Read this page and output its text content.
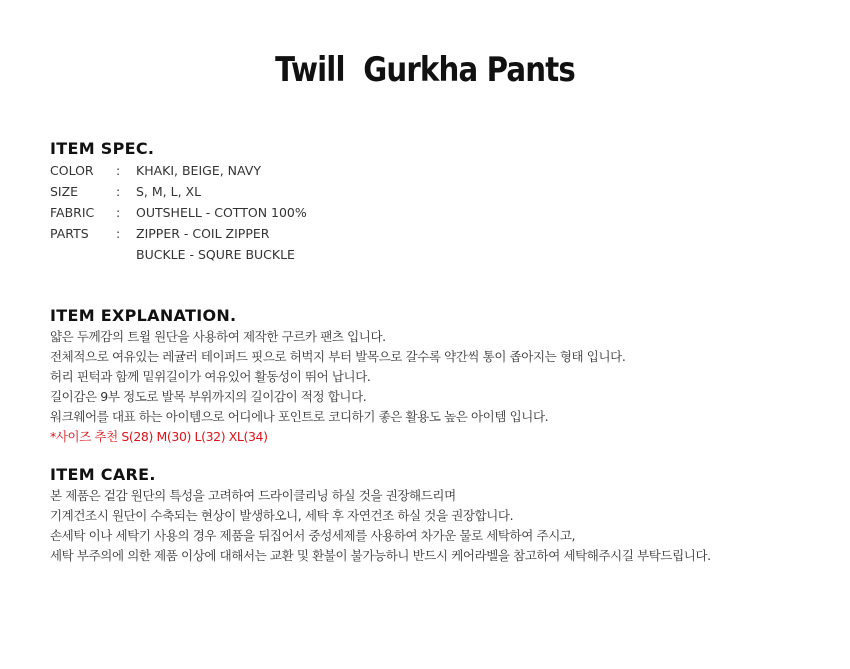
Twill  Gurkha Pants
ITEM SPEC.
COLOR	:	KHAKI, BEIGE, NAVY
SIZE	:	S, M, L, XL
FABRIC	:	OUTSHELL - COTTON 100%
PARTS	:	ZIPPER - COIL ZIPPER
BUCKLE - SQURE BUCKLE
ITEM EXPLANATION.
얇은 두께감의 트윌 원단을 사용하여 제작한 구르카 팬츠 입니다.
전체적으로 여유있는 레귤러 테이퍼드 핏으로 허벅지 부터 발목으로 갈수록 약간씩 통이 좁아지는 형태 입니다.
허리 핀턱과 함께 밑위길이가 여유있어 활동성이 뛰어 납니다.
길이감은 9부 정도로 발목 부위까지의 길이감이 적정 합니다.
워크웨어를 대표 하는 아이템으로 어디에나 포인트로 코디하기 좋은 활용도 높은 아이템 입니다.
*사이즈 추천 S(28) M(30) L(32) XL(34)
ITEM CARE.
본 제품은 겉감 원단의 특성을 고려하여 드라이클리닝 하실 것을 권장해드리며
기계건조시 원단이 수축되는 현상이 발생하오니, 세탁 후 자연건조 하실 것을 권장합니다.
손세탁 이나 세탁기 사용의 경우 제품을 뒤집어서 중성세제를 사용하여 차가운 물로 세탁하여 주시고,
세탁 부주의에 의한 제품 이상에 대해서는 교환 및 환불이 불가능하니 반드시 케어라벨을 참고하여 세탁해주시길 부탁드립니다.
